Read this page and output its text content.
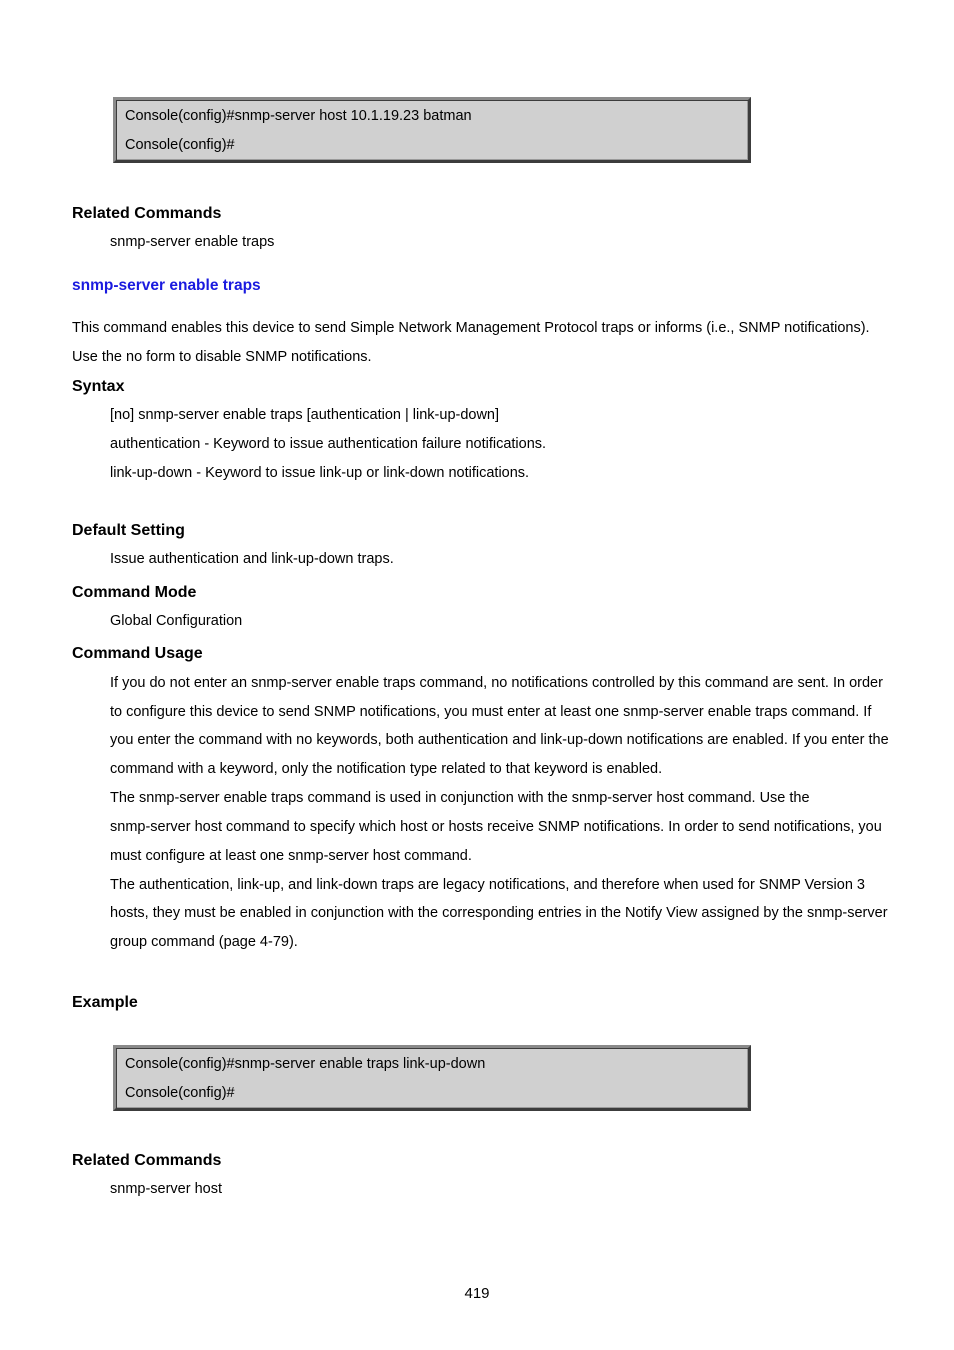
Console(config)#snmp-server host 10.1.19.23 batman
Console(config)#
Related Commands
snmp-server enable traps
snmp-server enable traps
This command enables this device to send Simple Network Management Protocol traps or informs (i.e., SNMP notifications).
Use the no form to disable SNMP notifications.
Syntax
[no] snmp-server enable traps [authentication | link-up-down]
authentication - Keyword to issue authentication failure notifications.
link-up-down - Keyword to issue link-up or link-down notifications.
Default Setting
Issue authentication and link-up-down traps.
Command Mode
Global Configuration
Command Usage
If you do not enter an snmp-server enable traps command, no notifications controlled by this command are sent. In order
to configure this device to send SNMP notifications, you must enter at least one snmp-server enable traps command. If
you enter the command with no keywords, both authentication and link-up-down notifications are enabled. If you enter the
command with a keyword, only the notification type related to that keyword is enabled.
The snmp-server enable traps command is used in conjunction with the snmp-server host command. Use the
snmp-server host command to specify which host or hosts receive SNMP notifications. In order to send notifications, you
must configure at least one snmp-server host command.
The authentication, link-up, and link-down traps are legacy notifications, and therefore when used for SNMP Version 3
hosts, they must be enabled in conjunction with the corresponding entries in the Notify View assigned by the snmp-server
group command (page 4-79).
Example
Console(config)#snmp-server enable traps link-up-down
Console(config)#
Related Commands
snmp-server host
419
